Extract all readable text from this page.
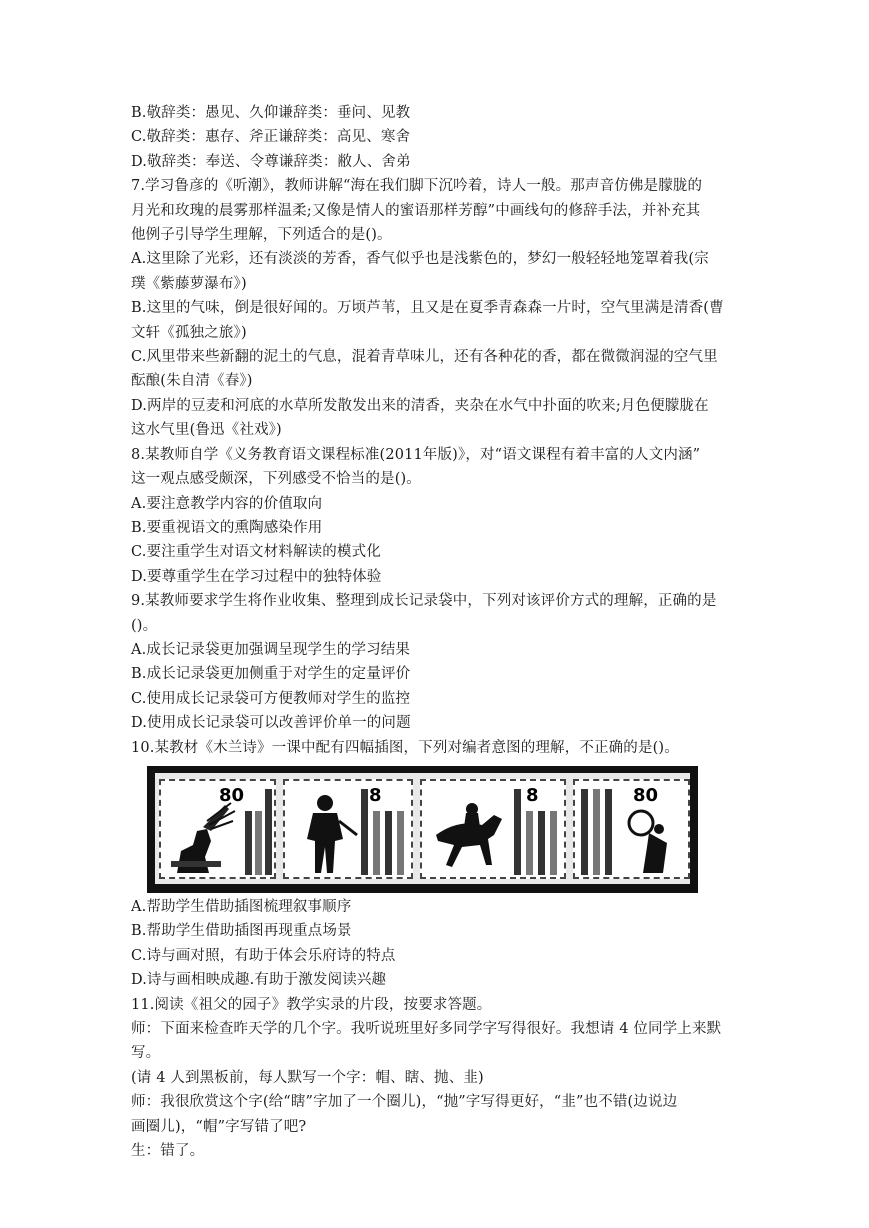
B.敬辞类：愚见、久仰谦辞类：垂问、见教
C.敬辞类：惠存、斧正谦辞类：高见、寒舍
D.敬辞类：奉送、令尊谦辞类：敝人、舍弟
7.学习鲁彦的《听潮》，教师讲解“海在我们脚下沉吟着，诗人一般。那声音仿佛是朦胧的
月光和玫瑰的晨雾那样温柔;又像是情人的蜜语那样芳醇”中画线句的修辞手法，并补充其
他例子引导学生理解，下列适合的是()。
A.这里除了光彩，还有淡淡的芳香，香气似乎也是浅紫色的，梦幻一般轻轻地笼罩着我(宗
璞《紫藤萝瀑布》)
B.这里的气味，倒是很好闻的。万顷芦苇，且又是在夏季青森森一片时，空气里满是清香(曹
文轩《孤独之旅》)
C.风里带来些新翻的泥土的气息，混着青草味儿，还有各种花的香，都在微微润湿的空气里
酝酿(朱自清《春》)
D.两岸的豆麦和河底的水草所发散发出来的清香，夹杂在水气中扑面的吹来;月色便朦胧在
这水气里(鲁迅《社戏》)
8.某教师自学《义务教育语文课程标准(2011年版)》，对“语文课程有着丰富的人文内涵”
这一观点感受颇深，下列感受不恰当的是()。
A.要注意教学内容的价值取向
B.要重视语文的熏陶感染作用
C.要注重学生对语文材料解读的模式化
D.要尊重学生在学习过程中的独特体验
9.某教师要求学生将作业收集、整理到成长记录袋中，下列对该评价方式的理解，正确的是
()。
A.成长记录袋更加强调呈现学生的学习结果
B.成长记录袋更加侧重于对学生的定量评价
C.使用成长记录袋可方便教师对学生的监控
D.使用成长记录袋可以改善评价单一的问题
10.某教材《木兰诗》一课中配有四幅插图，下列对编者意图的理解，不正确的是()。
80	8	8	80
A.帮助学生借助插图梳理叙事顺序
B.帮助学生借助插图再现重点场景
C.诗与画对照，有助于体会乐府诗的特点
D.诗与画相映成趣.有助于激发阅读兴趣
11.阅读《祖父的园子》教学实录的片段，按要求答题。
师：下面来检查昨天学的几个字。我听说班里好多同学字写得很好。我想请 4 位同学上来默
写。
(请 4 人到黑板前，每人默写一个字：帽、瞎、抛、韭)
师：我很欣赏这个字(给“瞎”字加了一个圈儿)，“抛”字写得更好，“韭”也不错(边说边
画圈儿)，“帽”字写错了吧?
生：错了。
